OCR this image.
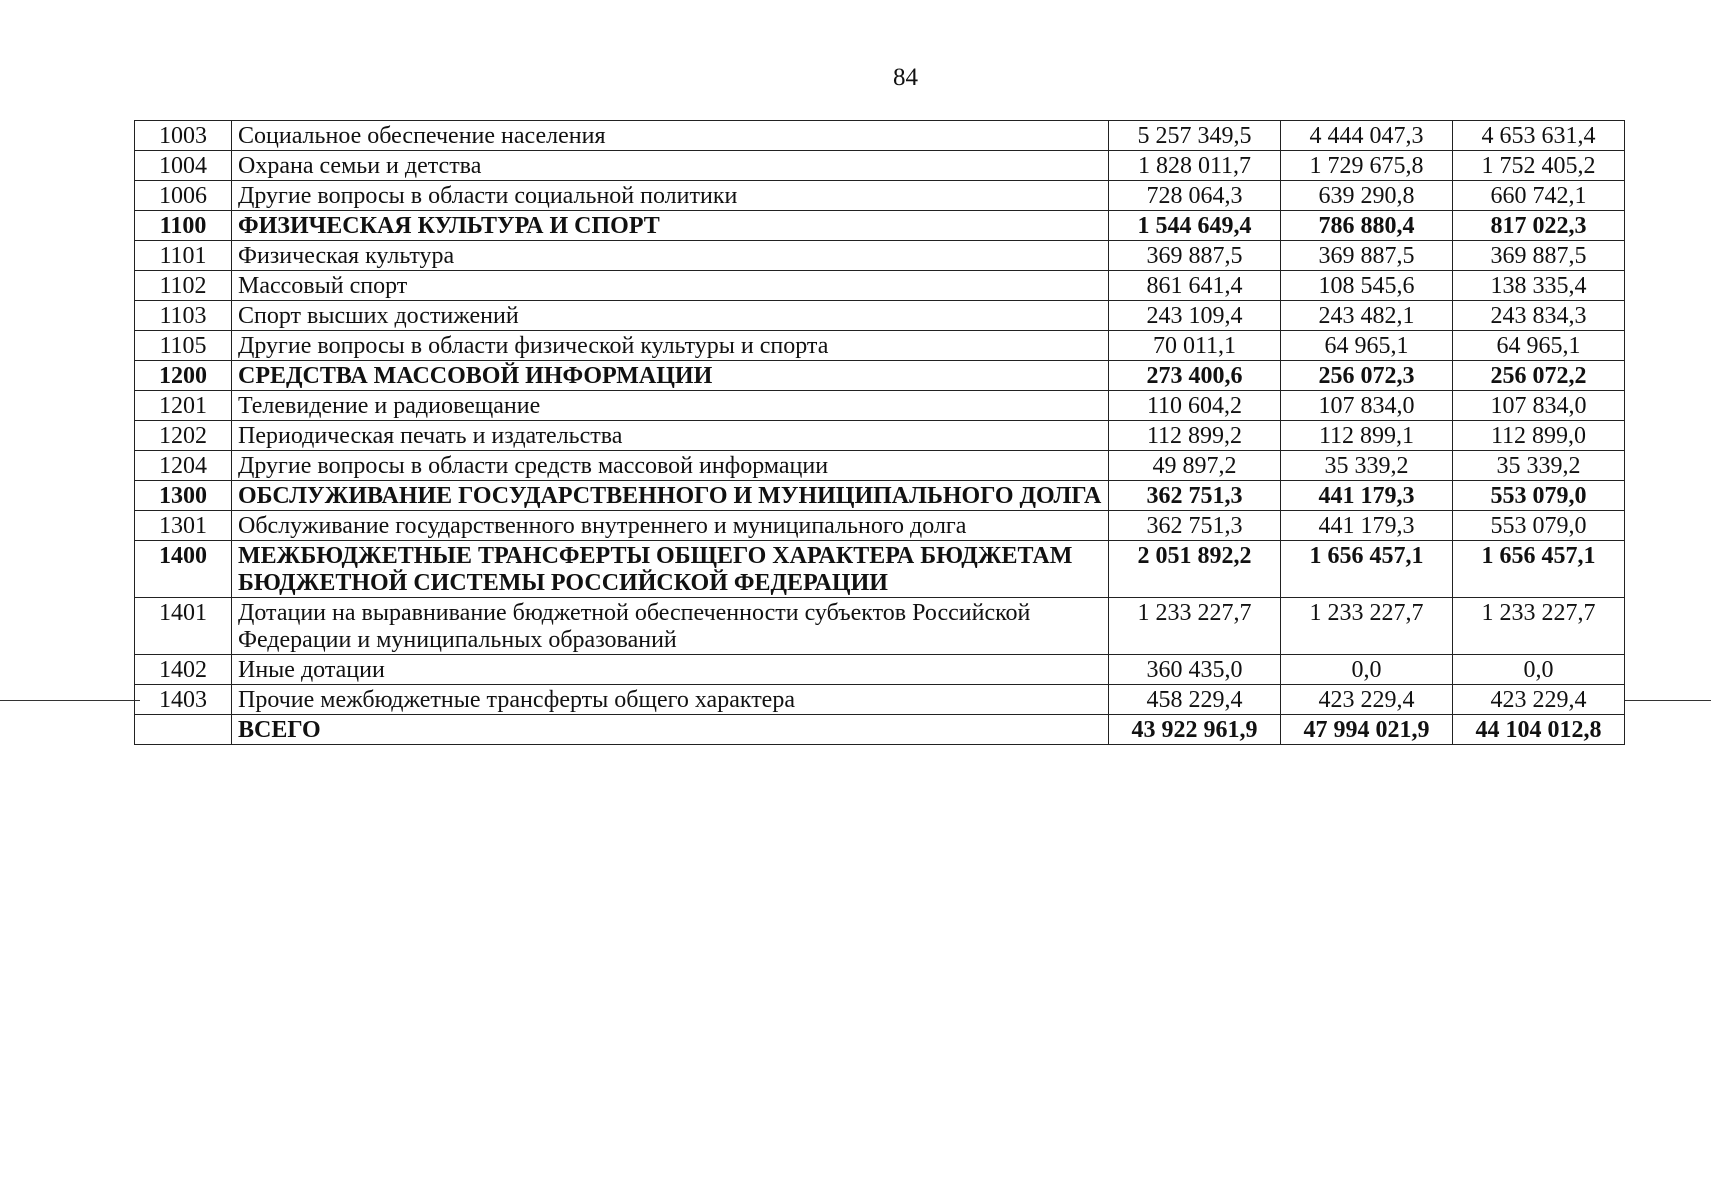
84
1003	Социальное обеспечение населения	5 257 349,5	4 444 047,3	4 653 631,4
1004	Охрана семьи и детства	1 828 011,7	1 729 675,8	1 752 405,2
1006	Другие вопросы в области социальной политики	728 064,3	639 290,8	660 742,1
1100	ФИЗИЧЕСКАЯ КУЛЬТУРА И СПОРТ	1 544 649,4	786 880,4	817 022,3
1101	Физическая культура	369 887,5	369 887,5	369 887,5
1102	Массовый спорт	861 641,4	108 545,6	138 335,4
1103	Спорт высших достижений	243 109,4	243 482,1	243 834,3
1105	Другие вопросы в области физической культуры и спорта	70 011,1	64 965,1	64 965,1
1200	СРЕДСТВА МАССОВОЙ ИНФОРМАЦИИ	273 400,6	256 072,3	256 072,2
1201	Телевидение и радиовещание	110 604,2	107 834,0	107 834,0
1202	Периодическая печать и издательства	112 899,2	112 899,1	112 899,0
1204	Другие вопросы в области средств массовой информации	49 897,2	35 339,2	35 339,2
1300	ОБСЛУЖИВАНИЕ ГОСУДАРСТВЕННОГО И МУНИЦИПАЛЬНОГО ДОЛГА	362 751,3	441 179,3	553 079,0
1301	Обслуживание государственного внутреннего и муниципального долга	362 751,3	441 179,3	553 079,0
1400	МЕЖБЮДЖЕТНЫЕ ТРАНСФЕРТЫ ОБЩЕГО ХАРАКТЕРА БЮДЖЕТАМ БЮДЖЕТНОЙ СИСТЕМЫ РОССИЙСКОЙ ФЕДЕРАЦИИ	2 051 892,2	1 656 457,1	1 656 457,1
1401	Дотации на выравнивание бюджетной обеспеченности субъектов Российской Федерации и муниципальных образований	1 233 227,7	1 233 227,7	1 233 227,7
1402	Иные дотации	360 435,0	0,0	0,0
1403	Прочие межбюджетные трансферты общего характера	458 229,4	423 229,4	423 229,4
	ВСЕГО	43 922 961,9	47 994 021,9	44 104 012,8
